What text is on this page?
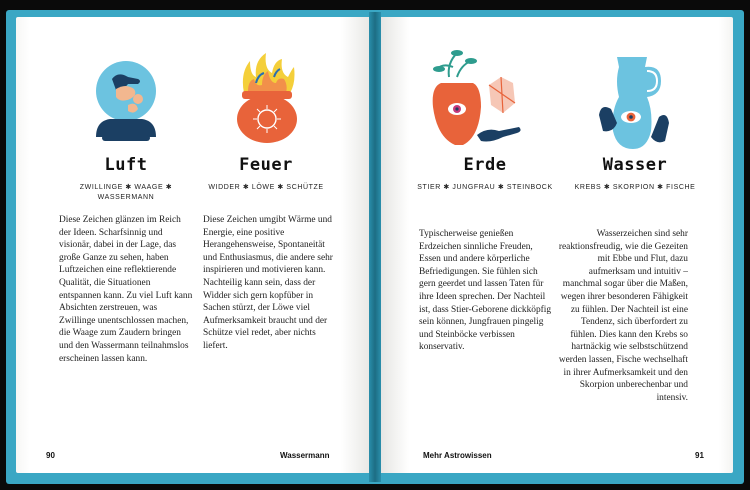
Luft
ZWILLINGE ✱ WAAGE ✱ WASSERMANN
Diese Zeichen glänzen im Reich der Ideen. Scharfsinnig und visionär, dabei in der Lage, das große Ganze zu sehen, haben Luftzeichen eine reflektierende Qualität, die Situationen entspannen kann. Zu viel Luft kann Absichten zerstreuen, was Zwillinge unentschlossen machen, die Waage zum Zaudern bringen und den Wassermann teilnahmslos erscheinen lassen kann.
Feuer
WIDDER ✱ LÖWE ✱ SCHÜTZE
Diese Zeichen umgibt Wärme und Energie, eine positive Herangehensweise, Spontaneität und Enthusiasmus, die andere sehr inspirieren und motivieren kann. Nachteilig kann sein, dass der Widder sich gern kopfüber in Sachen stürzt, der Löwe viel Aufmerksamkeit braucht und der Schütze viel redet, aber nichts liefert.
90	Wassermann
Erde
STIER ✱ JUNGFRAU ✱ STEINBOCK
Typischerweise genießen Erdzeichen sinnliche Freuden, Essen und andere körperliche Befriedigungen. Sie fühlen sich gern geerdet und lassen Taten für ihre Ideen sprechen. Der Nachteil ist, dass Stier-Geborene dickköpfig sein können, Jungfrauen pingelig und Steinböcke verbissen konservativ.
Wasser
KREBS ✱ SKORPION ✱ FISCHE
Wasserzeichen sind sehr reaktionsfreudig, wie die Gezeiten mit Ebbe und Flut, dazu aufmerksam und intuitiv – manchmal sogar über die Maßen, wegen ihrer besonderen Fähigkeit zu fühlen. Der Nachteil ist eine Tendenz, sich überfordert zu fühlen. Dies kann den Krebs so hartnäckig wie selbstschützend werden lassen, Fische wechselhaft in ihrer Aufmerksamkeit und den Skorpion unberechenbar und intensiv.
Mehr Astrowissen	91
